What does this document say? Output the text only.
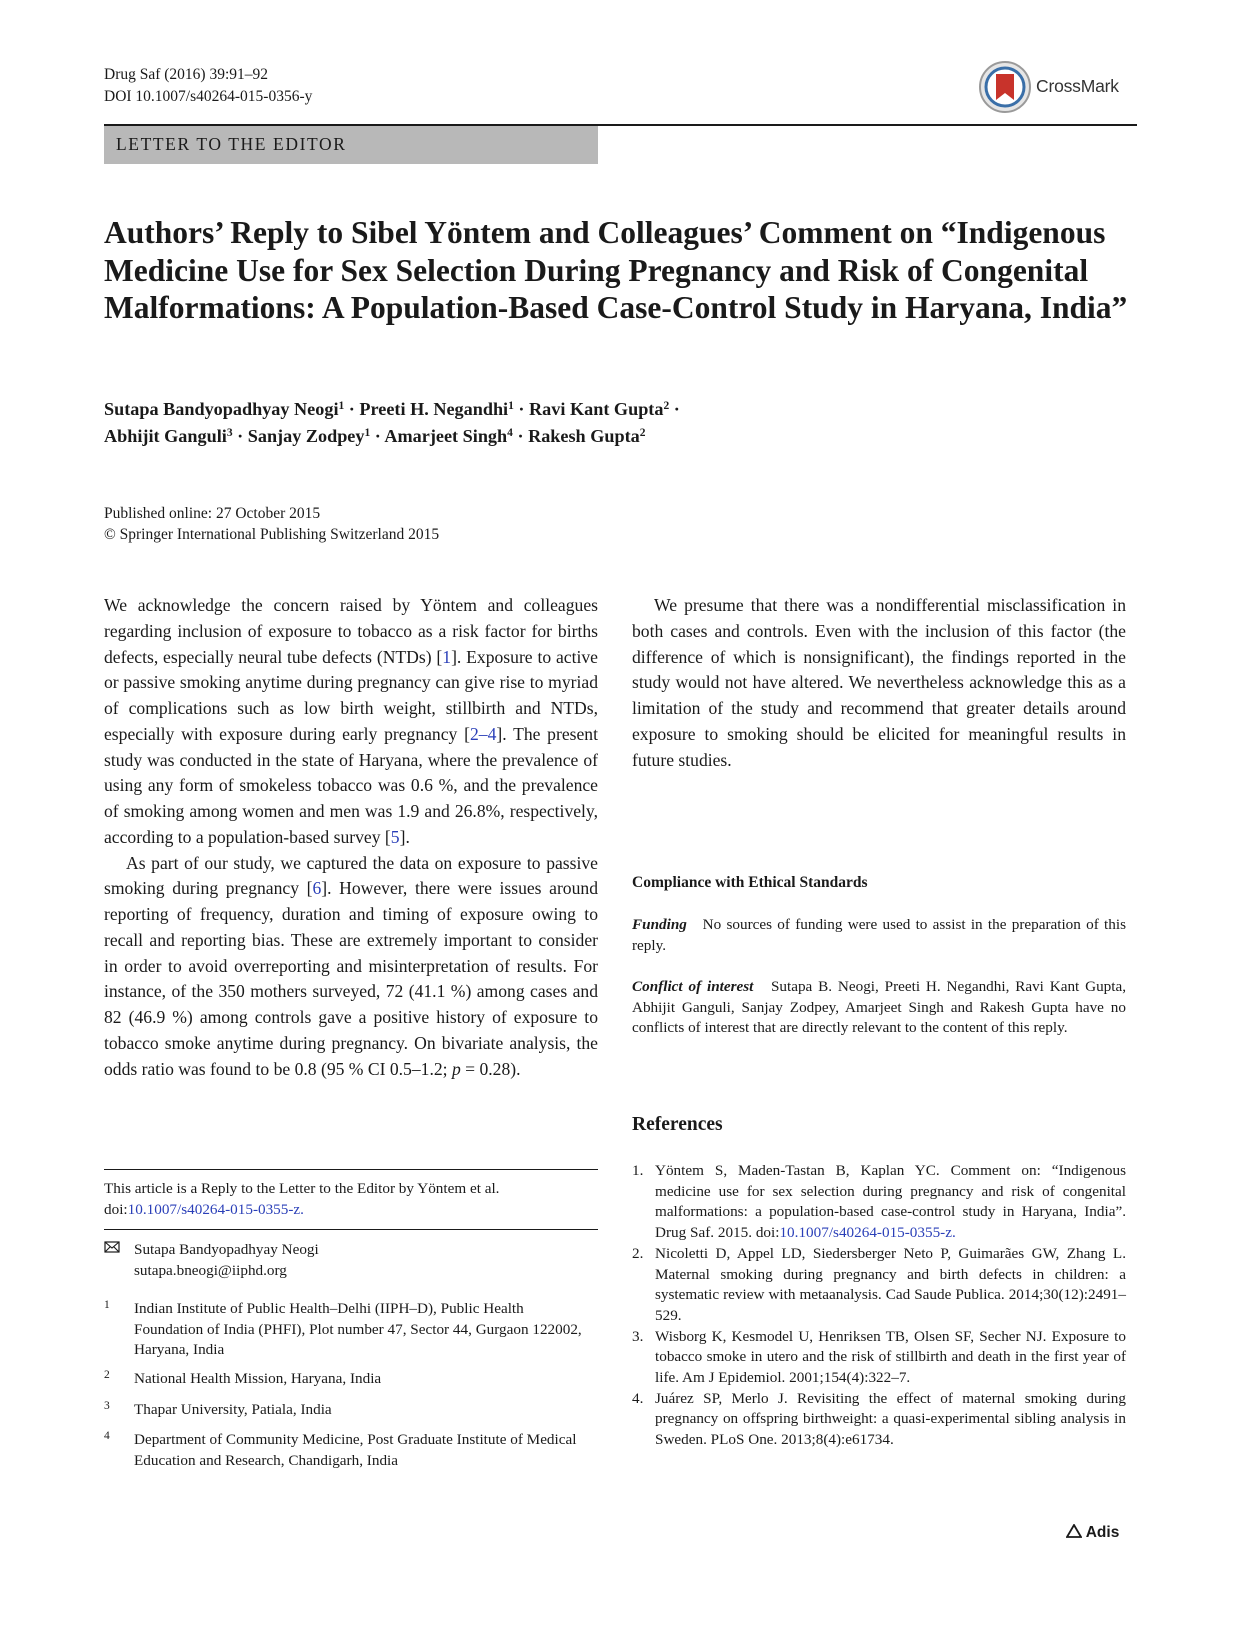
Drug Saf (2016) 39:91–92
DOI 10.1007/s40264-015-0356-y
CrossMark
LETTER TO THE EDITOR
Authors’ Reply to Sibel Yöntem and Colleagues’ Comment on “Indigenous Medicine Use for Sex Selection During Pregnancy and Risk of Congenital Malformations: A Population-Based Case-Control Study in Haryana, India”
Sutapa Bandyopadhyay Neogi$^1$ · Preeti H. Negandhi$^1$ · Ravi Kant Gupta$^2$ ·
Abhijit Ganguli$^3$ · Sanjay Zodpey$^1$ · Amarjeet Singh$^4$ · Rakesh Gupta$^2$
Published online: 27 October 2015
© Springer International Publishing Switzerland 2015

We acknowledge the concern raised by Yöntem and colleagues regarding inclusion of exposure to tobacco as a risk factor for births defects, especially neural tube defects (NTDs) [1]. Exposure to active or passive smoking anytime during pregnancy can give rise to myriad of complications such as low birth weight, stillbirth and NTDs, especially with exposure during early pregnancy [2–4]. The present study was conducted in the state of Haryana, where the prevalence of using any form of smokeless tobacco was 0.6 %, and the prevalence of smoking among women and men was 1.9 and 26.8%, respectively, according to a population-based survey [5].

As part of our study, we captured the data on exposure to passive smoking during pregnancy [6]. However, there were issues around reporting of frequency, duration and timing of exposure owing to recall and reporting bias. These are extremely important to consider in order to avoid overreporting and misinterpretation of results. For instance, of the 350 mothers surveyed, 72 (41.1 %) among cases and 82 (46.9 %) among controls gave a positive history of exposure to tobacco smoke anytime during pregnancy. On bivariate analysis, the odds ratio was found to be 0.8 (95 % CI 0.5–1.2; p = 0.28).

We presume that there was a nondifferential misclassification in both cases and controls. Even with the inclusion of this factor (the difference of which is nonsignificant), the findings reported in the study would not have altered. We nevertheless acknowledge this as a limitation of the study and recommend that greater details around exposure to smoking should be elicited for meaningful results in future studies.

Compliance with Ethical Standards
Funding No sources of funding were used to assist in the preparation of this reply.
Conflict of interest Sutapa B. Neogi, Preeti H. Negandhi, Ravi Kant Gupta, Abhijit Ganguli, Sanjay Zodpey, Amarjeet Singh and Rakesh Gupta have no conflicts of interest that are directly relevant to the content of this reply.
This article is a Reply to the Letter to the Editor by Yöntem et al.
doi:10.1007/s40264-015-0355-z.
Sutapa Bandyopadhyay Neogi
sutapa.bneogi@iiphd.org
1 Indian Institute of Public Health–Delhi (IIPH–D), Public Health Foundation of India (PHFI), Plot number 47, Sector 44, Gurgaon 122002, Haryana, India
2 National Health Mission, Haryana, India
3 Thapar University, Patiala, India
4 Department of Community Medicine, Post Graduate Institute of Medical Education and Research, Chandigarh, India
References
1. Yöntem S, Maden-Tastan B, Kaplan YC. Comment on: “Indigenous medicine use for sex selection during pregnancy and risk of congenital malformations: a population-based case-control study in Haryana, India”. Drug Saf. 2015. doi:10.1007/s40264-015-0355-z.
2. Nicoletti D, Appel LD, Siedersberger Neto P, Guimarães GW, Zhang L. Maternal smoking during pregnancy and birth defects in children: a systematic review with metaanalysis. Cad Saude Publica. 2014;30(12):2491–529.
3. Wisborg K, Kesmodel U, Henriksen TB, Olsen SF, Secher NJ. Exposure to tobacco smoke in utero and the risk of stillbirth and death in the first year of life. Am J Epidemiol. 2001;154(4):322–7.
4. Juárez SP, Merlo J. Revisiting the effect of maternal smoking during pregnancy on offspring birthweight: a quasi-experimental sibling analysis in Sweden. PLoS One. 2013;8(4):e61734.
Adis
